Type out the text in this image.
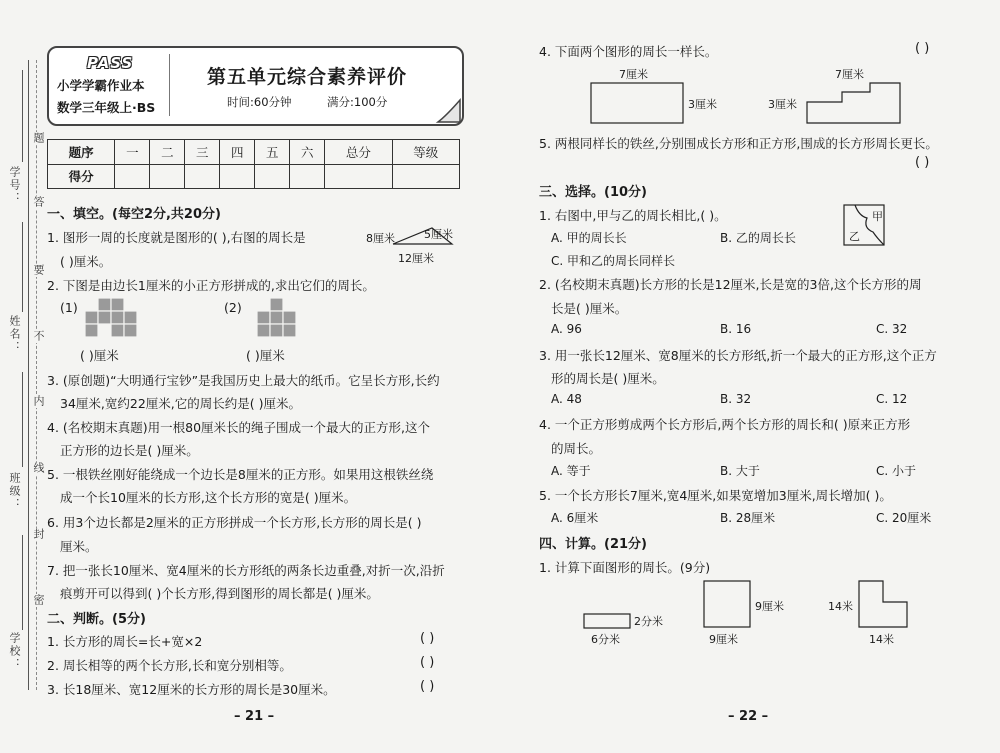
学校：
班级：
姓名：
学号：
题
答
要
不
内
线
封
密
PASS
小学学霸作业本
数学三年级上·BS
第五单元综合素养评价
时间:60分钟	满分:100分
题序	一	二	三	四	五	六	总分	等级
得分								
一、填空。(每空2分,共20分)
1. 图形一周的长度就是图形的( ),右图的周长是
( )厘米。
8厘米	5厘米
12厘米
2. 下图是由边长1厘米的小正方形拼成的,求出它们的周长。
(1)	(2)
( )厘米	( )厘米
3. (原创题)“大明通行宝钞”是我国历史上最大的纸币。它呈长方形,长约
34厘米,宽约22厘米,它的周长约是( )厘米。
4. (名校期末真题)用一根80厘米长的绳子围成一个最大的正方形,这个
正方形的边长是( )厘米。
5. 一根铁丝刚好能绕成一个边长是8厘米的正方形。如果用这根铁丝绕
成一个长10厘米的长方形,这个长方形的宽是( )厘米。
6. 用3个边长都是2厘米的正方形拼成一个长方形,长方形的周长是( )
厘米。
7. 把一张长10厘米、宽4厘米的长方形纸的两条长边重叠,对折一次,沿折
痕剪开可以得到( )个长方形,得到图形的周长都是( )厘米。
二、判断。(5分)
1. 长方形的周长=长+宽×2	( )
2. 周长相等的两个长方形,长和宽分别相等。	( )
3. 长18厘米、宽12厘米的长方形的周长是30厘米。	( )
– 21 –
4. 下面两个图形的周长一样长。	( )
7厘米
3厘米
7厘米
3厘米
5. 两根同样长的铁丝,分别围成长方形和正方形,围成的长方形周长更长。
( )
三、选择。(10分)
1. 右图中,甲与乙的周长相比,( )。	甲
乙
A. 甲的周长长	B. 乙的周长长
C. 甲和乙的周长同样长
2. (名校期末真题)长方形的长是12厘米,长是宽的3倍,这个长方形的周
长是( )厘米。
A. 96	B. 16	C. 32
3. 用一张长12厘米、宽8厘米的长方形纸,折一个最大的正方形,这个正方
形的周长是( )厘米。
A. 48	B. 32	C. 12
4. 一个正方形剪成两个长方形后,两个长方形的周长和( )原来正方形
的周长。
A. 等于	B. 大于	C. 小于
5. 一个长方形长7厘米,宽4厘米,如果宽增加3厘米,周长增加( )。
A. 6厘米	B. 28厘米	C. 20厘米
四、计算。(21分)
1. 计算下面图形的周长。(9分)
2分米
6分米
9厘米
9厘米
14米
14米
– 22 –
